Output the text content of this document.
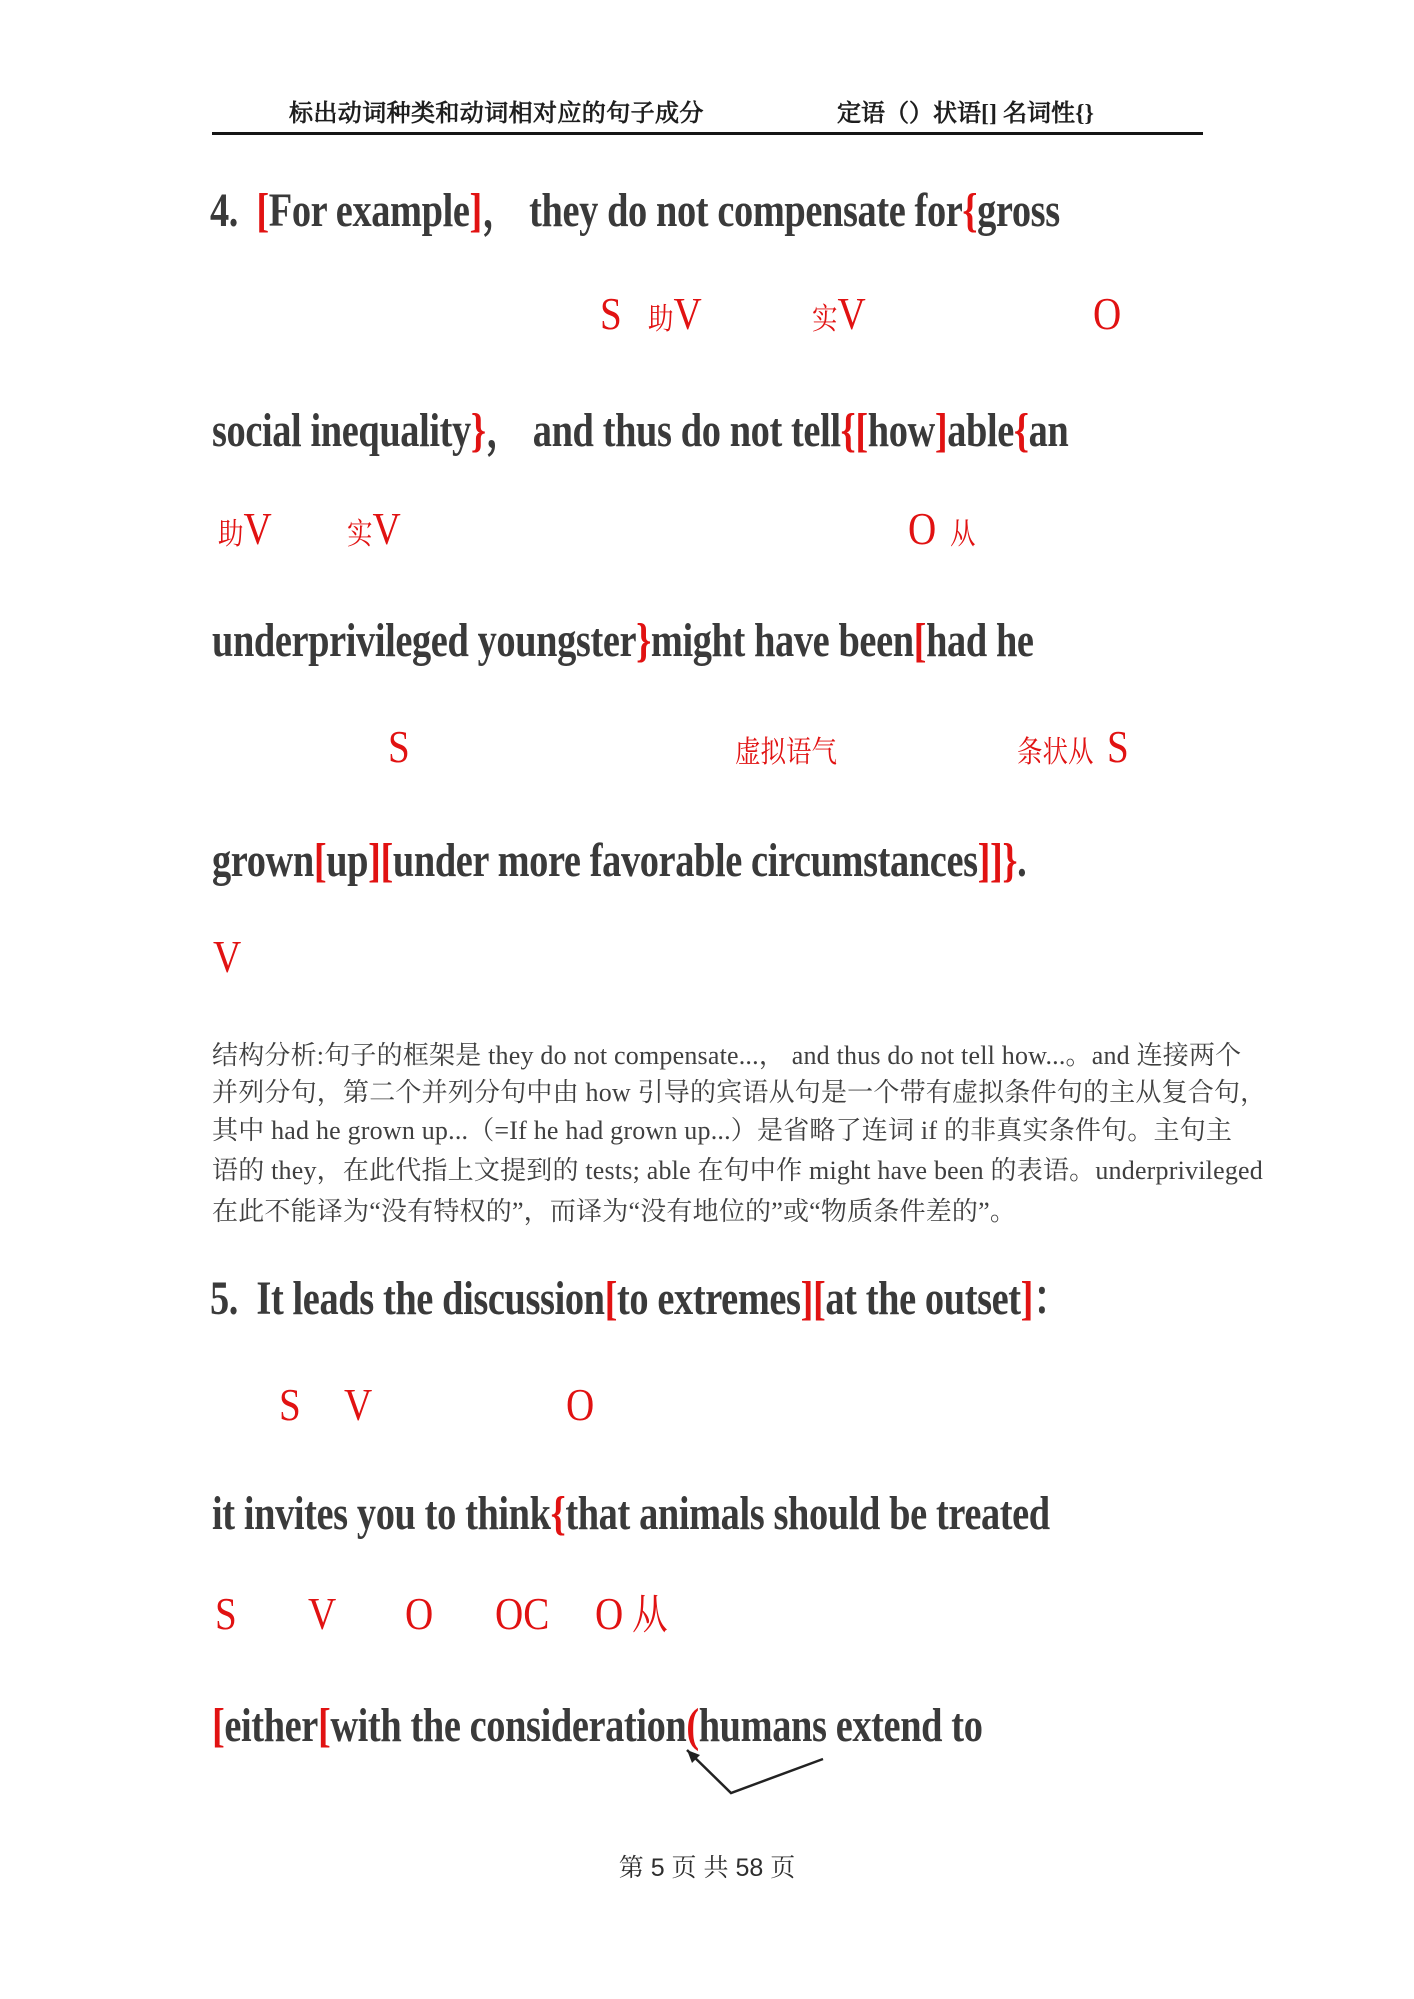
标出动词种类和动词相对应的句子成分	定语（）状语[] 名词性{}
4.  [For example]， they do not compensate for{gross
​ S ​ 助V	​ 实V	​ O
social inequality}， and thus do not tell{[how]able{an
​ 助V	​ 实V	​ O ​ 从
underprivileged youngster}might have been[had he
​ S	​ 虚拟语气	​ 条状从 ​ S
grown[up][under more favorable circumstances]]}.
​ V
结构分析:句子的框架是 they do not compensate...， and thus do not tell how...。and 连接两个
并列分句，第二个并列分句中由 how 引导的宾语从句是一个带有虚拟条件句的主从复合句，
其中 had he grown up...（=If he had grown up...）是省略了连词 if 的非真实条件句。主句主
语的 they，在此代指上文提到的 tests; able 在句中作 might have been 的表语。underprivileged
在此不能译为“没有特权的”，而译为“没有地位的”或“物质条件差的”。
5.  It leads the discussion[to extremes][at the outset]：
​ S ​ V	​ O
it invites you to think{that animals should be treated
​ S ​ V ​ O ​ OC ​ O ​ 从
[either[with the consideration(humans extend to
第 5 页 共 58 页
